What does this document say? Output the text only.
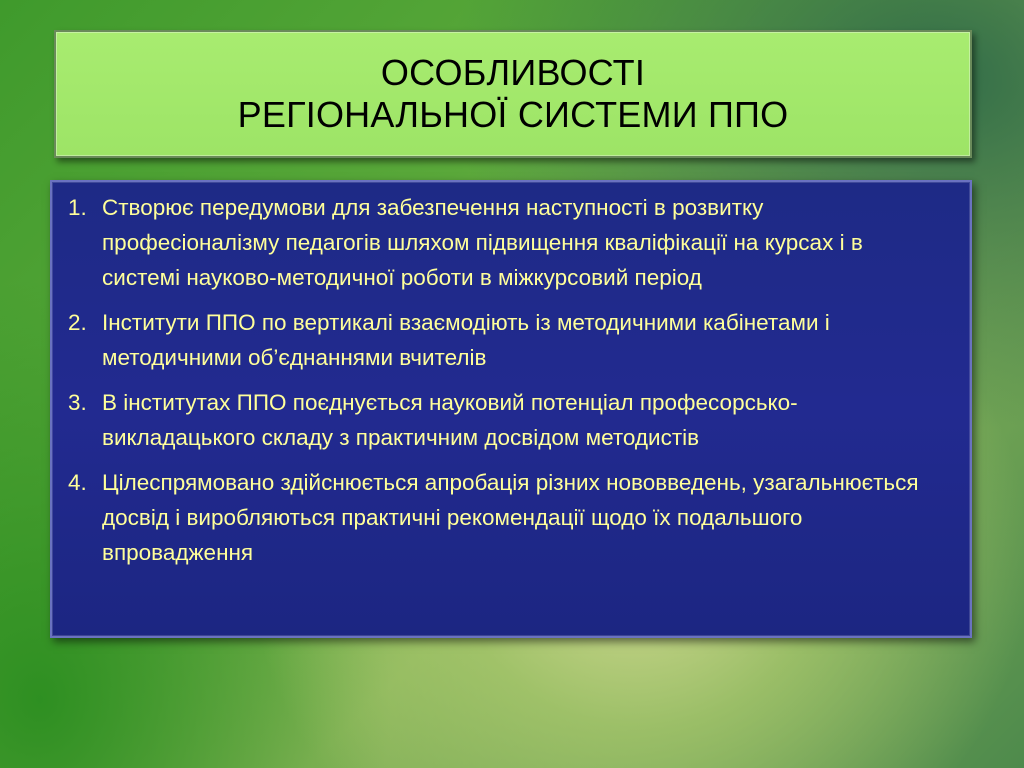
ОСОБЛИВОСТІ
РЕГІОНАЛЬНОЇ СИСТЕМИ ППО
1. Створює передумови для забезпечення наступності в розвитку професіоналізму педагогів шляхом підвищення кваліфікації на курсах і в системі науково-методичної роботи в міжкурсовий період
2. Інститути ППО по вертикалі взаємодіють із методичними кабінетами і методичними об’єднаннями вчителів
3. В інститутах ППО поєднується науковий потенціал професорсько-викладацького складу з практичним досвідом методистів
4. Цілеспрямовано здійснюється апробація різних нововведень, узагальнюється досвід і виробляються практичні рекомендації щодо їх подальшого впровадження
